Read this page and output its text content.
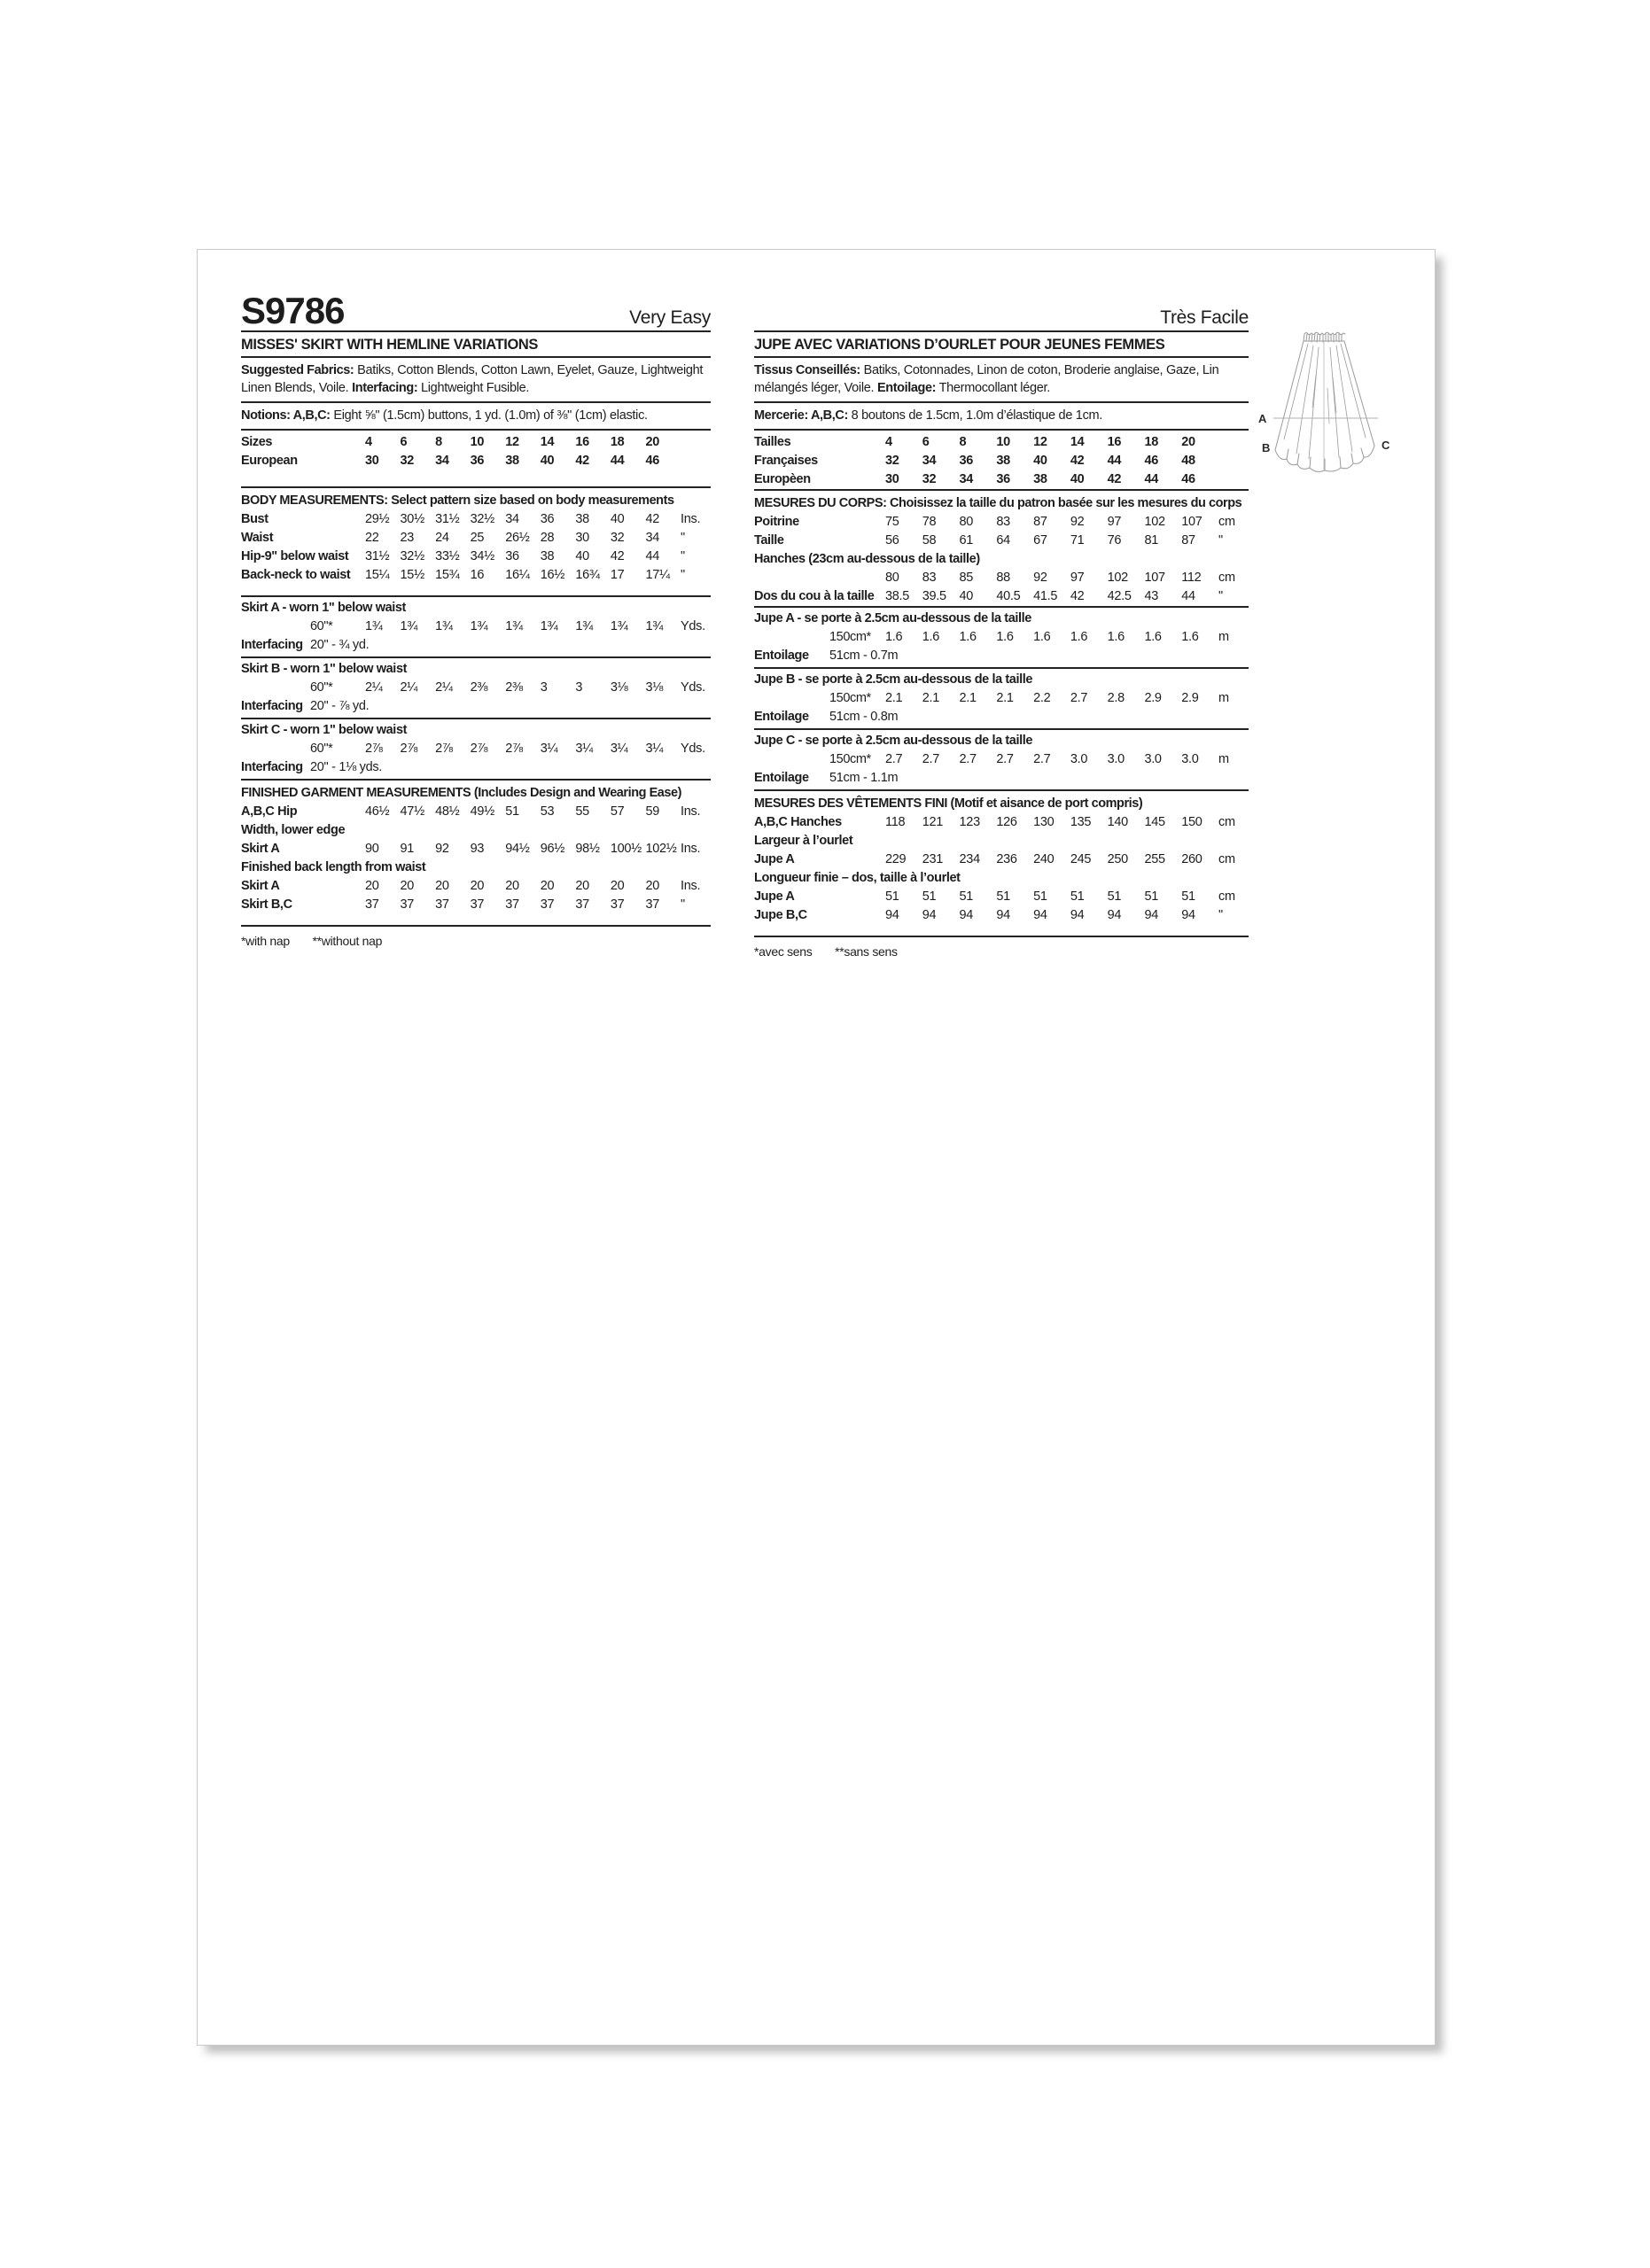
S9786	Very Easy
MISSES' SKIRT WITH HEMLINE VARIATIONS
Suggested Fabrics: Batiks, Cotton Blends, Cotton Lawn, Eyelet, Gauze, Lightweight Linen Blends, Voile. Interfacing: Lightweight Fusible.
Notions: A,B,C: Eight ⅝" (1.5cm) buttons, 1 yd. (1.0m) of ⅜" (1cm) elastic.
Sizes	4	6	8	10	12	14	16	18	20
European	30	32	34	36	38	40	42	44	46
BODY MEASUREMENTS: Select pattern size based on body measurements
Bust	29½ 30½ 31½ 32½ 34	36	38	40	42	Ins.
Waist	22	23	24	25	26½ 28	30	32	34	"
Hip-9" below waist	31½ 32½ 33½ 34½ 36	38	40	42	44	"
Back-neck to waist	15¼ 15½ 15¾ 16	16¼ 16½ 16¾ 17	17¼ "
Skirt A - worn 1" below waist
60"*	1¾	1¾	1¾	1¾	1¾	1¾	1¾	1¾	1¾	Yds.
Interfacing 20" - ¾ yd.
Skirt B - worn 1" below waist
60"*	2¼	2¼	2¼	2⅜	2⅜	3	3	3⅛	3⅛	Yds.
Interfacing 20" - ⅞ yd.
Skirt C - worn 1" below waist
60"*	2⅞	2⅞	2⅞	2⅞	2⅞	3¼	3¼	3¼	3¼	Yds.
Interfacing 20" - 1⅛ yds.
FINISHED GARMENT MEASUREMENTS (Includes Design and Wearing Ease)
A,B,C Hip	46½ 47½ 48½ 49½ 51	53	55	57	59	Ins.
Width, lower edge
Skirt A	90	91	92	93	94½ 96½ 98½ 100½ 102½ Ins.
Finished back length from waist
Skirt A	20	20	20	20	20	20	20	20	20	Ins.
Skirt B,C	37	37	37	37	37	37	37	37	37	"
*with nap **without nap
Très Facile
JUPE AVEC VARIATIONS D’OURLET POUR JEUNES FEMMES
Tissus Conseillés: Batiks, Cotonnades, Linon de coton, Broderie anglaise, Gaze, Lin mélangés léger, Voile. Entoilage: Thermocollant léger.
Mercerie: A,B,C: 8 boutons de 1.5cm, 1.0m d’élastique de 1cm.
Tailles	4	6	8	10	12	14	16	18	20
Françaises	32	34	36	38	40	42	44	46	48
Europèen	30	32	34	36	38	40	42	44	46
MESURES DU CORPS: Choisissez la taille du patron basée sur les mesures du corps
Poitrine	75	78	80	83	87	92	97	102	107	cm
Taille	56	58	61	64	67	71	76	81	87	"
Hanches (23cm au-dessous de la taille)
80	83	85	88	92	97	102	107	112	cm
Dos du cou à la taille 38.5	39.5	40	40.5	41.5	42	42.5	43	44	"
Jupe A - se porte à 2.5cm au-dessous de la taille
150cm*	1.6	1.6	1.6	1.6	1.6	1.6	1.6	1.6	1.6	m
Entoilage	51cm - 0.7m
Jupe B - se porte à 2.5cm au-dessous de la taille
150cm*	2.1	2.1	2.1	2.1	2.2	2.7	2.8	2.9	2.9	m
Entoilage	51cm - 0.8m
Jupe C - se porte à 2.5cm au-dessous de la taille
150cm*	2.7	2.7	2.7	2.7	2.7	3.0	3.0	3.0	3.0	m
Entoilage	51cm - 1.1m
MESURES DES VÊTEMENTS FINI (Motif et aisance de port compris)
A,B,C Hanches	118	121	123	126	130	135	140	145	150	cm
Largeur à l’ourlet
Jupe A	229	231	234	236	240	245	250	255	260	cm
Longueur finie – dos, taille à l’ourlet
Jupe A	51	51	51	51	51	51	51	51	51	cm
Jupe B,C	94	94	94	94	94	94	94	94	94	"
*avec sens **sans sens
A
B	C
